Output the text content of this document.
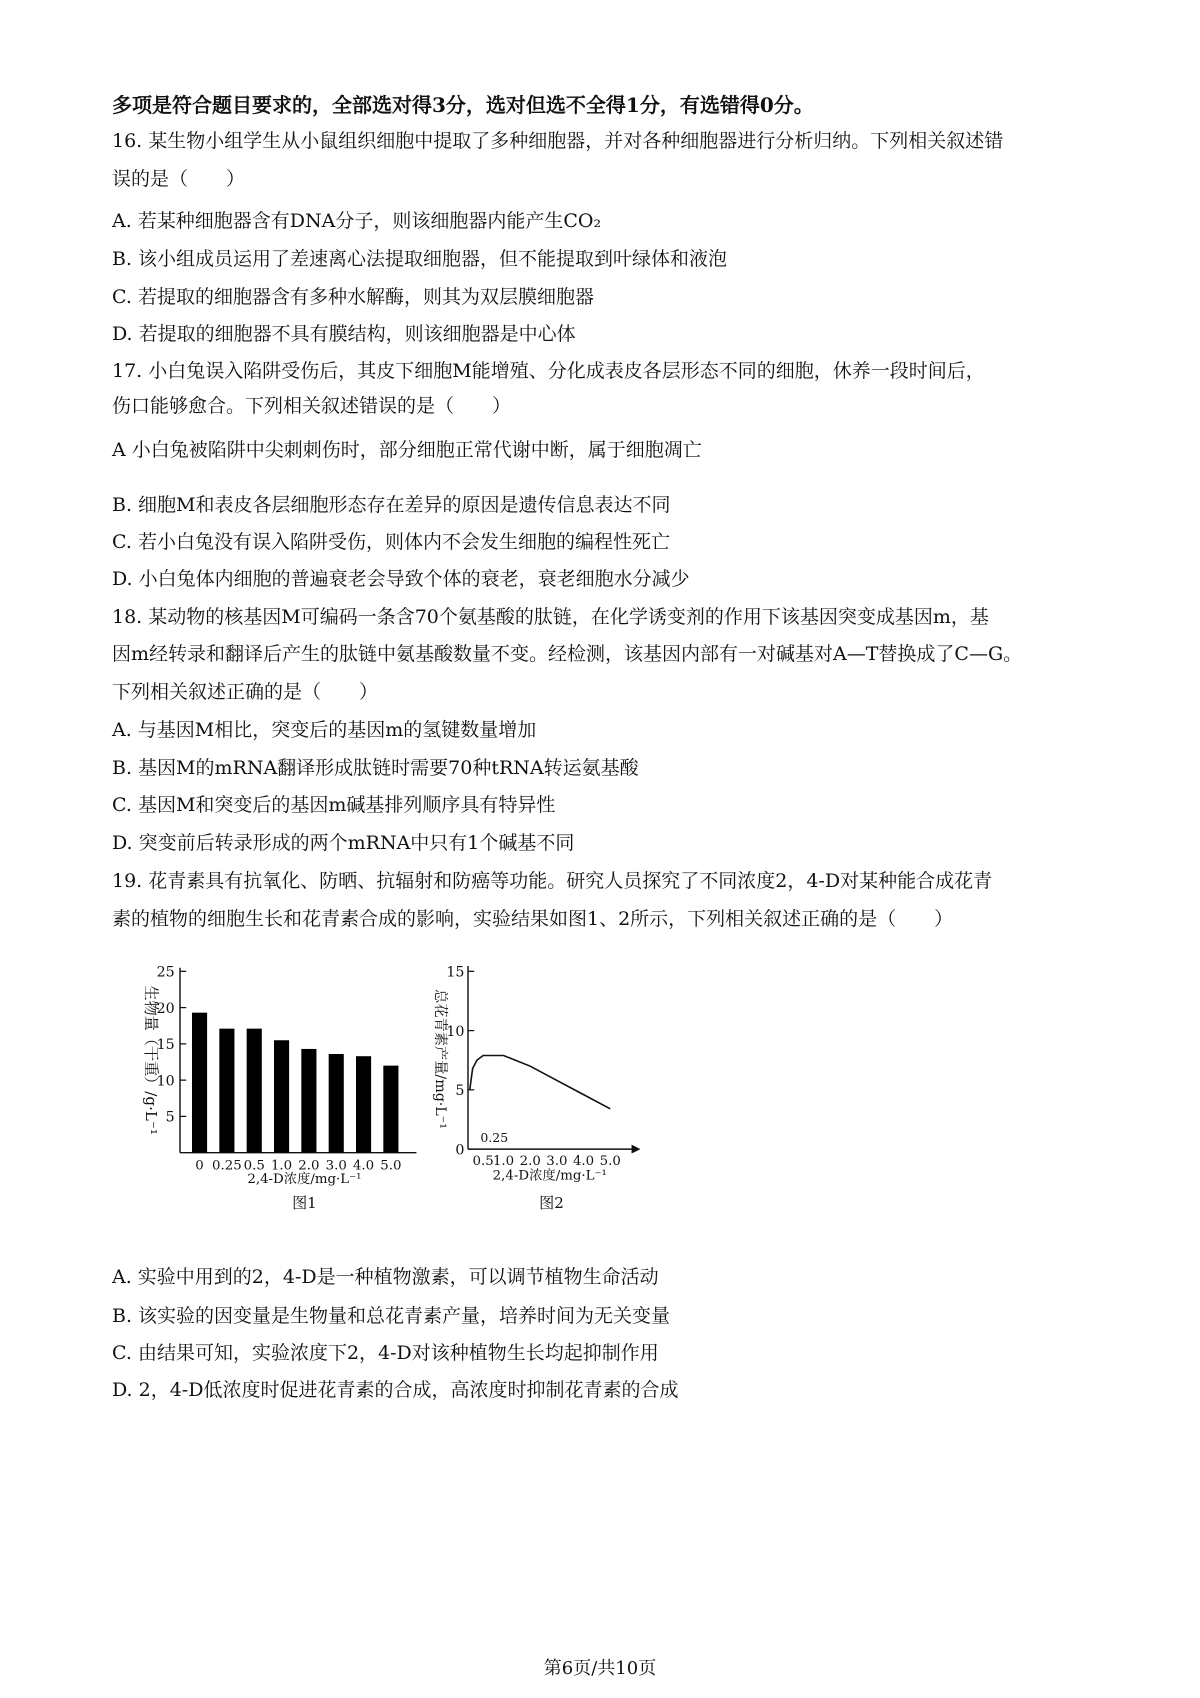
多项是符合题目要求的，全部选对得3分，选对但选不全得1分，有选错得0分。
16. 某生物小组学生从小鼠组织细胞中提取了多种细胞器，并对各种细胞器进行分析归纳。下列相关叙述错
误的是（　　）
A. 若某种细胞器含有DNA分子，则该细胞器内能产生CO₂
B. 该小组成员运用了差速离心法提取细胞器，但不能提取到叶绿体和液泡
C. 若提取的细胞器含有多种水解酶，则其为双层膜细胞器
D. 若提取的细胞器不具有膜结构，则该细胞器是中心体
17. 小白兔误入陷阱受伤后，其皮下细胞M能增殖、分化成表皮各层形态不同的细胞，休养一段时间后，
伤口能够愈合。下列相关叙述错误的是（　　）
A 小白兔被陷阱中尖刺刺伤时，部分细胞正常代谢中断，属于细胞凋亡
B. 细胞M和表皮各层细胞形态存在差异的原因是遗传信息表达不同
C. 若小白兔没有误入陷阱受伤，则体内不会发生细胞的编程性死亡
D. 小白兔体内细胞的普遍衰老会导致个体的衰老，衰老细胞水分减少
18. 某动物的核基因M可编码一条含70个氨基酸的肽链，在化学诱变剂的作用下该基因突变成基因m，基
因m经转录和翻译后产生的肽链中氨基酸数量不变。经检测，该基因内部有一对碱基对A—T替换成了C—G。
下列相关叙述正确的是（　　）
A. 与基因M相比，突变后的基因m的氢键数量增加
B. 基因M的mRNA翻译形成肽链时需要70种tRNA转运氨基酸
C. 基因M和突变后的基因m碱基排列顺序具有特异性
D. 突变前后转录形成的两个mRNA中只有1个碱基不同
19. 花青素具有抗氧化、防晒、抗辐射和防癌等功能。研究人员探究了不同浓度2，4-D对某种能合成花青
素的植物的细胞生长和花青素合成的影响，实验结果如图1、2所示，下列相关叙述正确的是（　　）
5
10
15
20
25
0 0.25 0.5 1.0 2.0 3.0 4.0 5.0
生物量（干重）/g·L⁻¹
2,4-D浓度/mg·L⁻¹
图1
0
5
10
15
0.5 1.0 2.0 3.0 4.0 5.0
0.25
总花青素产量/mg·L⁻¹
2,4-D浓度/mg·L⁻¹
图2
A. 实验中用到的2，4-D是一种植物激素，可以调节植物生命活动
B. 该实验的因变量是生物量和总花青素产量，培养时间为无关变量
C. 由结果可知，实验浓度下2，4-D对该种植物生长均起抑制作用
D. 2，4-D低浓度时促进花青素的合成，高浓度时抑制花青素的合成
第6页/共10页
